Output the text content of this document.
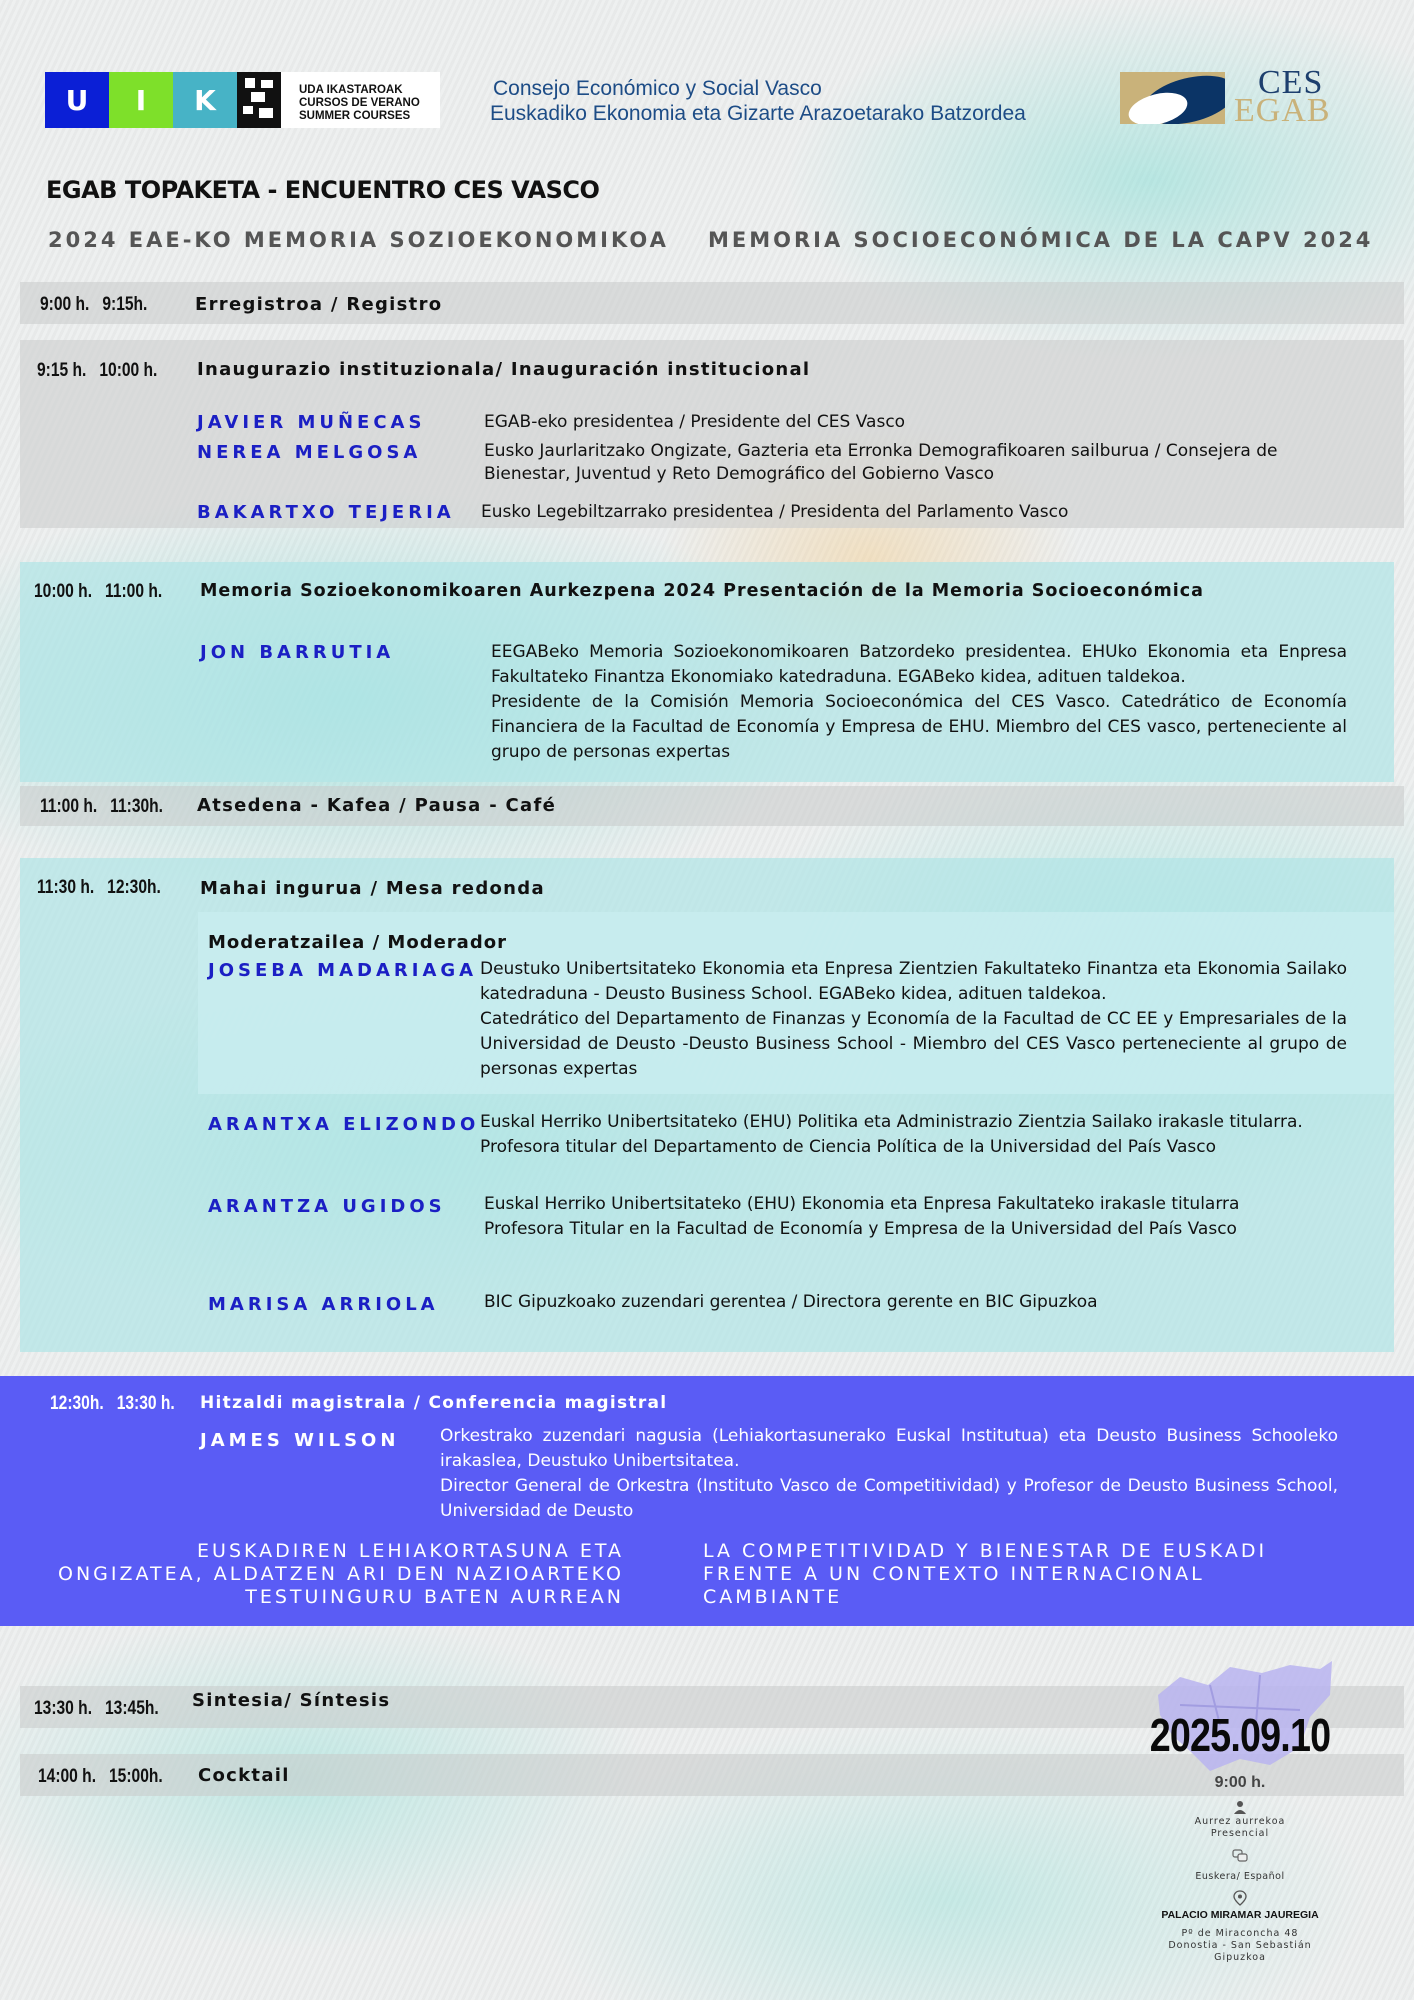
U	I	K	UDA IKASTAROAK
CURSOS DE VERANO
SUMMER COURSES
Consejo Económico y Social Vasco
Euskadiko Ekonomia eta Gizarte Arazoetarako Batzordea
CES
EGAB
EGAB TOPAKETA - ENCUENTRO CES VASCO
2024 EAE-KO MEMORIA SOZIOEKONOMIKOA MEMORIA SOCIOECONÓMICA DE LA CAPV 2024
9:00 h. 9:15h.	Erregistroa / Registro
9:15 h. 10:00 h. Inaugurazio instituzionala/ Inauguración institucional
JAVIER MUÑECAS	EGAB-eko presidentea / Presidente del CES Vasco
NEREA MELGOSA	Eusko Jaurlaritzako Ongizate, Gazteria eta Erronka Demografikoaren sailburua / Consejera de Bienestar, Juventud y Reto Demográfico del Gobierno Vasco
BAKARTXO TEJERIA Eusko Legebiltzarrako presidentea / Presidenta del Parlamento Vasco
10:00 h. 11:00 h. Memoria Sozioekonomikoaren Aurkezpena 2024 Presentación de la Memoria Socioeconómica
JON BARRUTIA	EEGABeko Memoria Sozioekonomikoaren Batzordeko presidentea. EHUko Ekonomia eta Enpresa Fakultateko Finantza Ekonomiako katedraduna. EGABeko kidea, adituen taldekoa.
Presidente de la Comisión Memoria Socioeconómica del CES Vasco. Catedrático de Economía Financiera de la Facultad de Economía y Empresa de EHU. Miembro del CES vasco, perteneciente al grupo de personas expertas
11:00 h. 11:30h. Atsedena - Kafea / Pausa - Café
11:30 h. 12:30h. Mahai ingurua / Mesa redonda
Moderatzailea / Moderador
JOSEBA MADARIAGA Deustuko Unibertsitateko Ekonomia eta Enpresa Zientzien Fakultateko Finantza eta Ekonomia Sailako katedraduna - Deusto Business School. EGABeko kidea, adituen taldekoa.
Catedrático del Departamento de Finanzas y Economía de la Facultad de CC EE y Empresariales de la Universidad de Deusto -Deusto Business School - Miembro del CES Vasco perteneciente al grupo de personas expertas
ARANTXA ELIZONDO Euskal Herriko Unibertsitateko (EHU) Politika eta Administrazio Zientzia Sailako irakasle titularra.
Profesora titular del Departamento de Ciencia Política de la Universidad del País Vasco
ARANTZA UGIDOS Euskal Herriko Unibertsitateko (EHU) Ekonomia eta Enpresa Fakultateko irakasle titularra
Profesora Titular en la Facultad de Economía y Empresa de la Universidad del País Vasco
MARISA ARRIOLA	BIC Gipuzkoako zuzendari gerentea / Directora gerente en BIC Gipuzkoa
12:30h. 13:30 h. Hitzaldi magistrala / Conferencia magistral
JAMES WILSON Orkestrako zuzendari nagusia (Lehiakortasunerako Euskal Institutua) eta Deusto Business Schooleko irakaslea, Deustuko Unibertsitatea.
Director General de Orkestra (Instituto Vasco de Competitividad) y Profesor de Deusto Business School, Universidad de Deusto
EUSKADIREN LEHIAKORTASUNA ETA
ONGIZATEA, ALDATZEN ARI DEN NAZIOARTEKO
TESTUINGURU BATEN AURREAN
LA COMPETITIVIDAD Y BIENESTAR DE EUSKADI
FRENTE A UN CONTEXTO INTERNACIONAL
CAMBIANTE
13:30 h. 13:45h. Sintesia/ Síntesis
14:00 h. 15:00h. Cocktail
2025.09.10
9:00 h.
Aurrez aurrekoa
Presencial
Euskera/ Español
PALACIO MIRAMAR JAUREGIA
Pº de Miraconcha 48
Donostia - San Sebastián
Gipuzkoa
